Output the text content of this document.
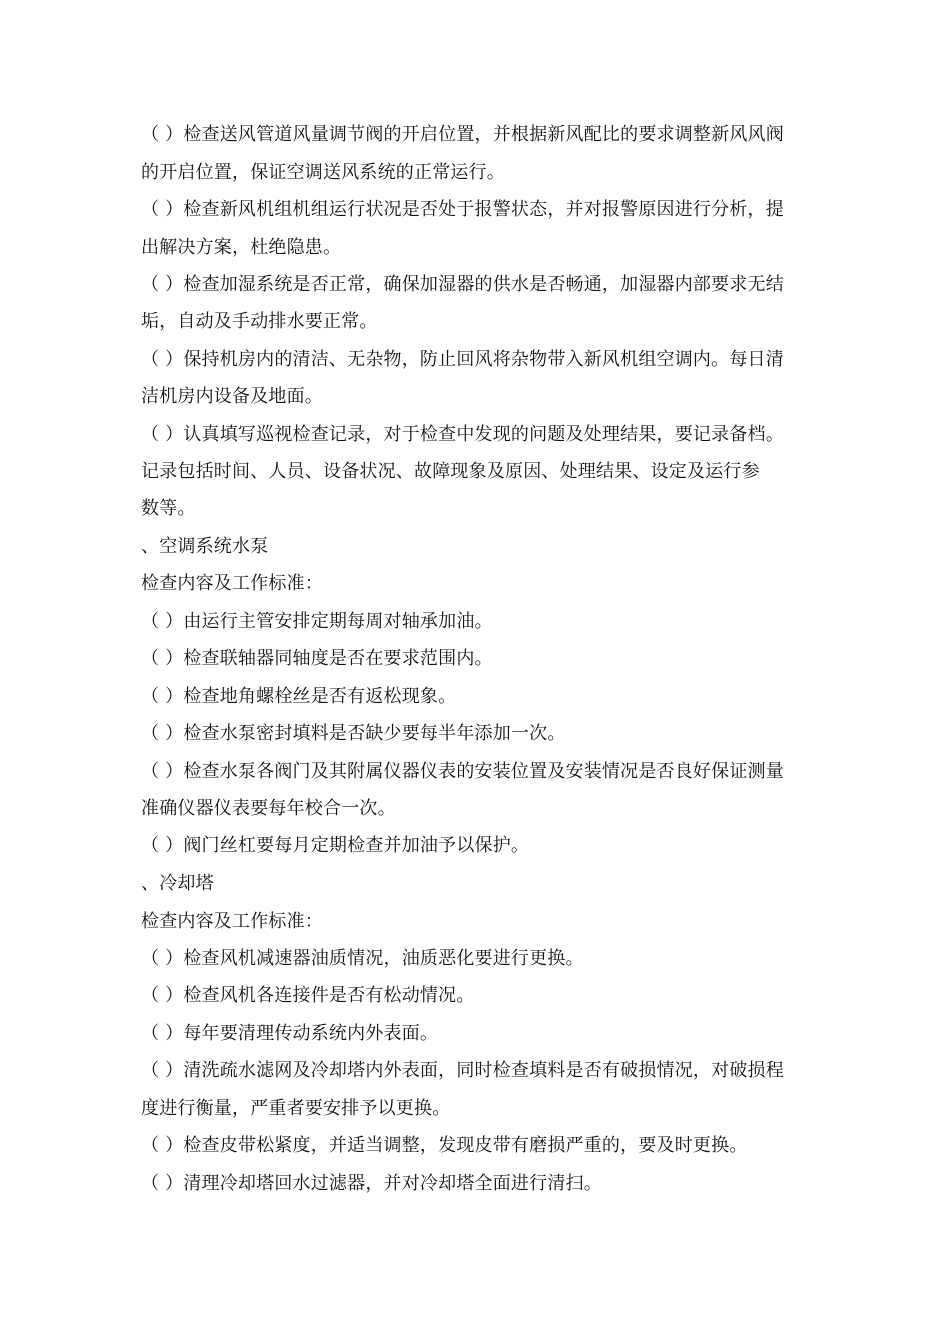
（ ）检查送风管道风量调节阀的开启位置，并根据新风配比的要求调整新风风阀
的开启位置，保证空调送风系统的正常运行。
（ ）检查新风机组机组运行状况是否处于报警状态，并对报警原因进行分析，提
出解决方案，杜绝隐患。
（ ）检查加湿系统是否正常，确保加湿器的供水是否畅通，加湿器内部要求无结
垢，自动及手动排水要正常。
（ ）保持机房内的清洁、无杂物，防止回风将杂物带入新风机组空调内。每日清
洁机房内设备及地面。
（ ）认真填写巡视检查记录，对于检查中发现的问题及处理结果，要记录备档。
记录包括时间、人员、设备状况、故障现象及原因、处理结果、设定及运行参
数等。
、空调系统水泵
检查内容及工作标准：
（ ）由运行主管安排定期每周对轴承加油。
（ ）检查联轴器同轴度是否在要求范围内。
（ ）检查地角螺栓丝是否有返松现象。
（ ）检查水泵密封填料是否缺少要每半年添加一次。
（ ）检查水泵各阀门及其附属仪器仪表的安装位置及安装情况是否良好保证测量
准确仪器仪表要每年校合一次。
（ ）阀门丝杠要每月定期检查并加油予以保护。
、冷却塔
检查内容及工作标准：
（ ）检查风机减速器油质情况，油质恶化要进行更换。
（ ）检查风机各连接件是否有松动情况。
（ ）每年要清理传动系统内外表面。
（ ）清洗疏水滤网及冷却塔内外表面，同时检查填料是否有破损情况，对破损程
度进行衡量，严重者要安排予以更换。
（ ）检查皮带松紧度，并适当调整，发现皮带有磨损严重的，要及时更换。
（ ）清理冷却塔回水过滤器，并对冷却塔全面进行清扫。
